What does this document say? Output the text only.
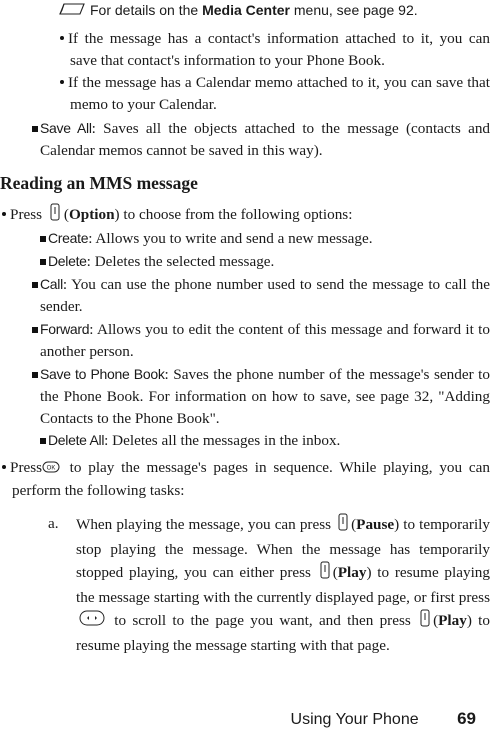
For details on the Media Center menu, see page 92.
If the message has a contact's information attached to it, you can save that contact's information to your Phone Book.
If the message has a Calendar memo attached to it, you can save that memo to your Calendar.
Save All: Saves all the objects attached to the message (contacts and Calendar memos cannot be saved in this way).
Reading an MMS message
Press (Option) to choose from the following options:
Create: Allows you to write and send a new message.
Delete: Deletes the selected message.
Call: You can use the phone number used to send the message to call the sender.
Forward: Allows you to edit the content of this message and forward it to another person.
Save to Phone Book: Saves the phone number of the message's sender to the Phone Book. For information on how to save, see page 32, "Adding Contacts to the Phone Book".
Delete All: Deletes all the messages in the inbox.
Press
OK to play the message's pages in sequence. While playing, you can perform the following tasks:
a. When playing the message, you can press (Pause) to temporarily stop playing the message. When the message has temporarily stopped playing, you can either press (Play) to resume playing the message starting with the currently displayed page, or first press  to scroll to the page you want, and then press (Play) to resume playing the message starting with that page.
Using Your Phone 69
